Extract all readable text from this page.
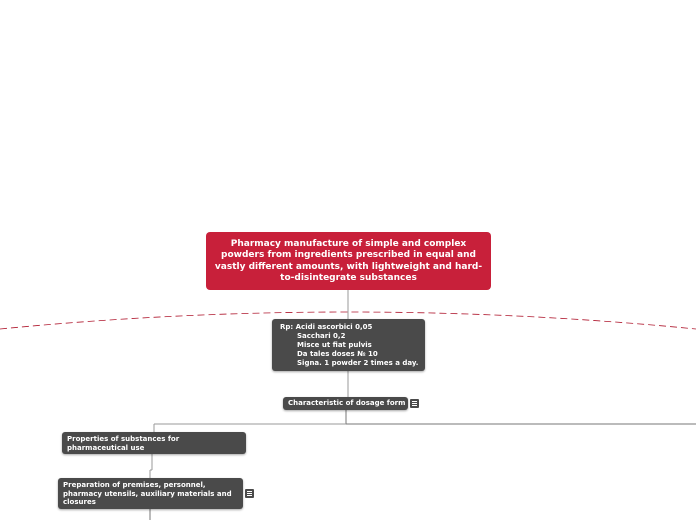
Pharmacy manufacture of simple and complex powders from ingredients prescribed in equal and vastly different amounts, with lightweight and hard-to-disintegrate substances
Rp: Acidi ascorbici 0,05
Sacchari 0,2
Misce ut fiat pulvis
Da tales doses № 10
Signa. 1 powder 2 times a day.
Characteristic of dosage form
Properties of substances for pharmaceutical use
Preparation of premises, personnel, pharmacy utensils, auxiliary materials and closures
